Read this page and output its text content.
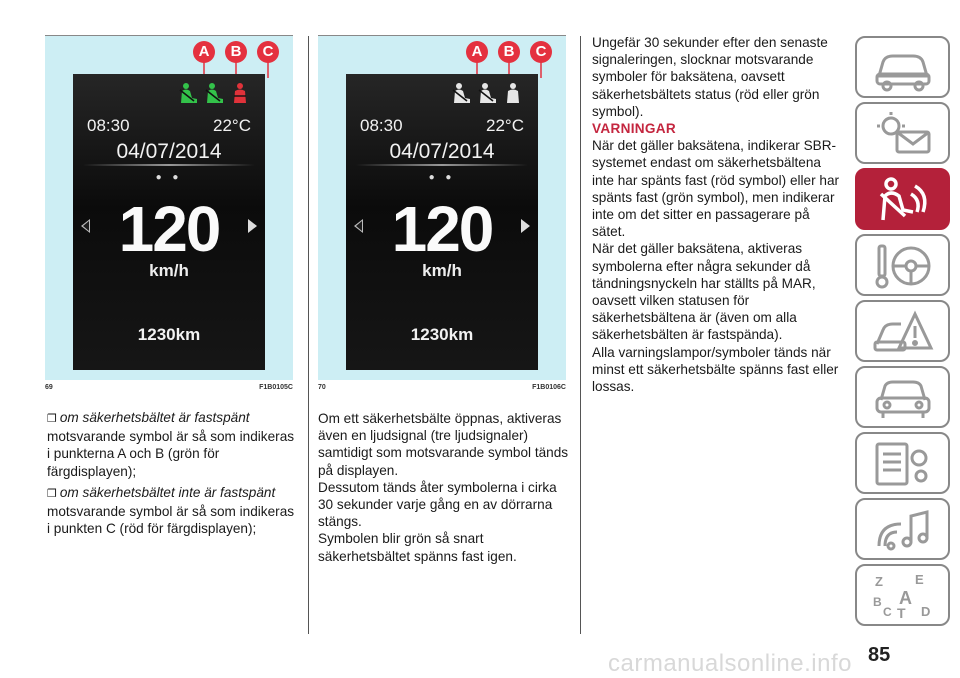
A	B	C
08:30	22°C
04/07/2014
● ●
120
km/h
1230km
69	F1B0105C
A	B	C
08:30	22°C
04/07/2014
● ●
120
km/h
1230km
70	F1B0106C

❒ om säkerhetsbältet är fastspänt

motsvarande symbol är så som indikeras i punkterna A och B (grön för färgdisplayen);

❒ om säkerhetsbältet inte är fastspänt

motsvarande symbol är så som indikeras i punkten C (röd för färgdisplayen);

Om ett säkerhetsbälte öppnas, aktiveras även en ljudsignal (tre ljudsignaler) samtidigt som motsvarande symbol tänds på displayen.

Dessutom tänds åter symbolerna i cirka 30 sekunder varje gång en av dörrarna stängs.

Symbolen blir grön så snart säkerhetsbältet spänns fast igen.

Ungefär 30 sekunder efter den senaste signaleringen, slocknar motsvarande symboler för baksätena, oavsett säkerhetsbältets status (röd eller grön symbol).

VARNINGAR

När det gäller baksätena, indikerar SBR-systemet endast om säkerhetsbältena inte har spänts fast (röd symbol) eller har spänts fast (grön symbol), men indikerar inte om det sitter en passagerare på sätet.

När det gäller baksätena, aktiveras symbolerna efter några sekunder då tändningsnyckeln har ställts på MAR, oavsett vilken statusen för säkerhetsbältena är (även om alla säkerhetsbälten är fastspända).

Alla varningslampor/symboler tänds när minst ett säkerhetsbälte spänns fast eller lossas.

Z E
B A
C T D
carmanualsonline.info 85
